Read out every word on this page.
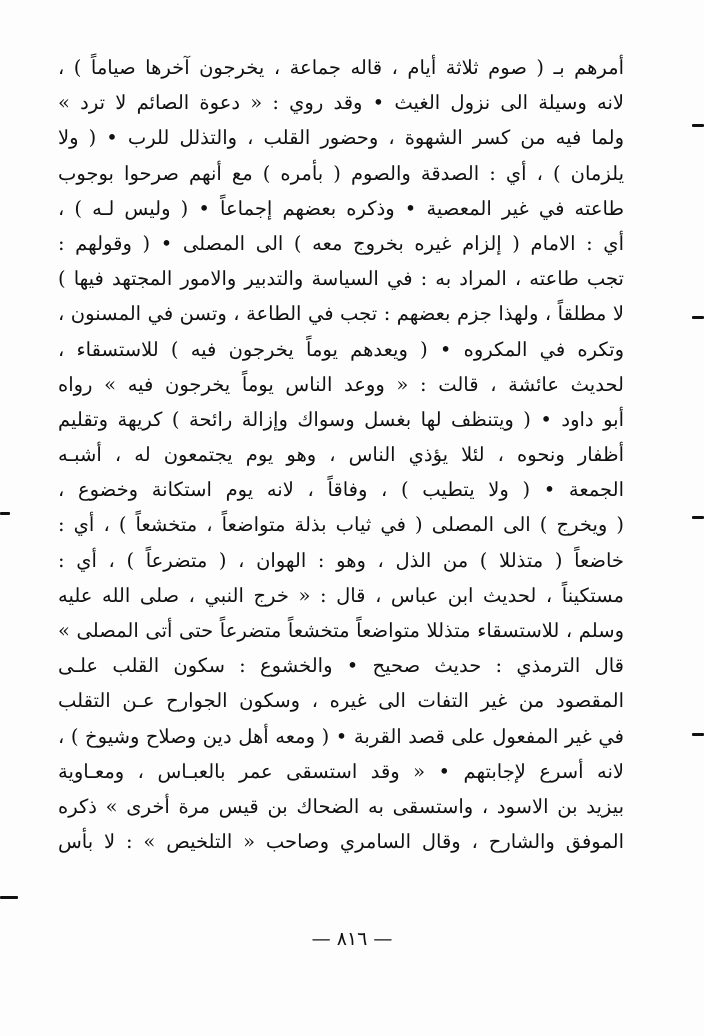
أمرهم بـ ( صوم ثلاثة أيام ، قاله جماعة ، يخرجون آخرها صياماً ) ،
لانه وسيلة الى نزول الغيث • وقد روي : « دعوة الصائم لا ترد »
ولما فيه من كسر الشهوة ، وحضور القلب ، والتذلل للرب • ( ولا
يلزمان ) ، أي : الصدقة والصوم ( بأمره ) مع أنهم صرحوا بوجوب
طاعته في غير المعصية • وذكره بعضهم إجماعاً • ( وليس لـه ) ،
أي : الامام ( إلزام غيره بخروج معه ) الى المصلى • ( وقولهم :
تجب طاعته ، المراد به : في السياسة والتدبير والامور المجتهد فيها )
لا مطلقاً ، ولهذا جزم بعضهم : تجب في الطاعة ، وتسن في المسنون ،
وتكره في المكروه • ( ويعدهم يوماً يخرجون فيه ) للاستسقاء ،
لحديث عائشة ، قالت : « ووعد الناس يوماً يخرجون فيه » رواه
أبو داود • ( ويتنظف لها بغسل وسواك وإزالة رائحة ) كريهة وتقليم
أظفار ونحوه ، لئلا يؤذي الناس ، وهو يوم يجتمعون له ، أشبـه
الجمعة • ( ولا يتطيب ) ، وفاقاً ، لانه يوم استكانة وخضوع ،
( ويخرج ) الى المصلى ( في ثياب بذلة متواضعاً ، متخشعاً ) ، أي :
خاضعاً ( متذللا ) من الذل ، وهو : الهوان ، ( متضرعاً ) ، أي :
مستكيناً ، لحديث ابن عباس ، قال : « خرج النبي ، صلى الله عليه
وسلم ، للاستسقاء متذللا متواضعاً متخشعاً متضرعاً حتى أتى المصلى »
قال الترمذي : حديث صحيح • والخشوع : سكون القلب علـى
المقصود من غير التفات الى غيره ، وسكون الجوارح عـن التقلب
في غير المفعول على قصد القربة • ( ومعه أهل دين وصلاح وشيوخ ) ،
لانه أسرع لإجابتهم • « وقد استسقى عمر بالعبـاس ، ومعـاوية
بيزيد بن الاسود ، واستسقى به الضحاك بن قيس مرة أخرى » ذكره
الموفق والشارح ، وقال السامري وصاحب « التلخيص » : لا بأس
— ٨١٦ —
